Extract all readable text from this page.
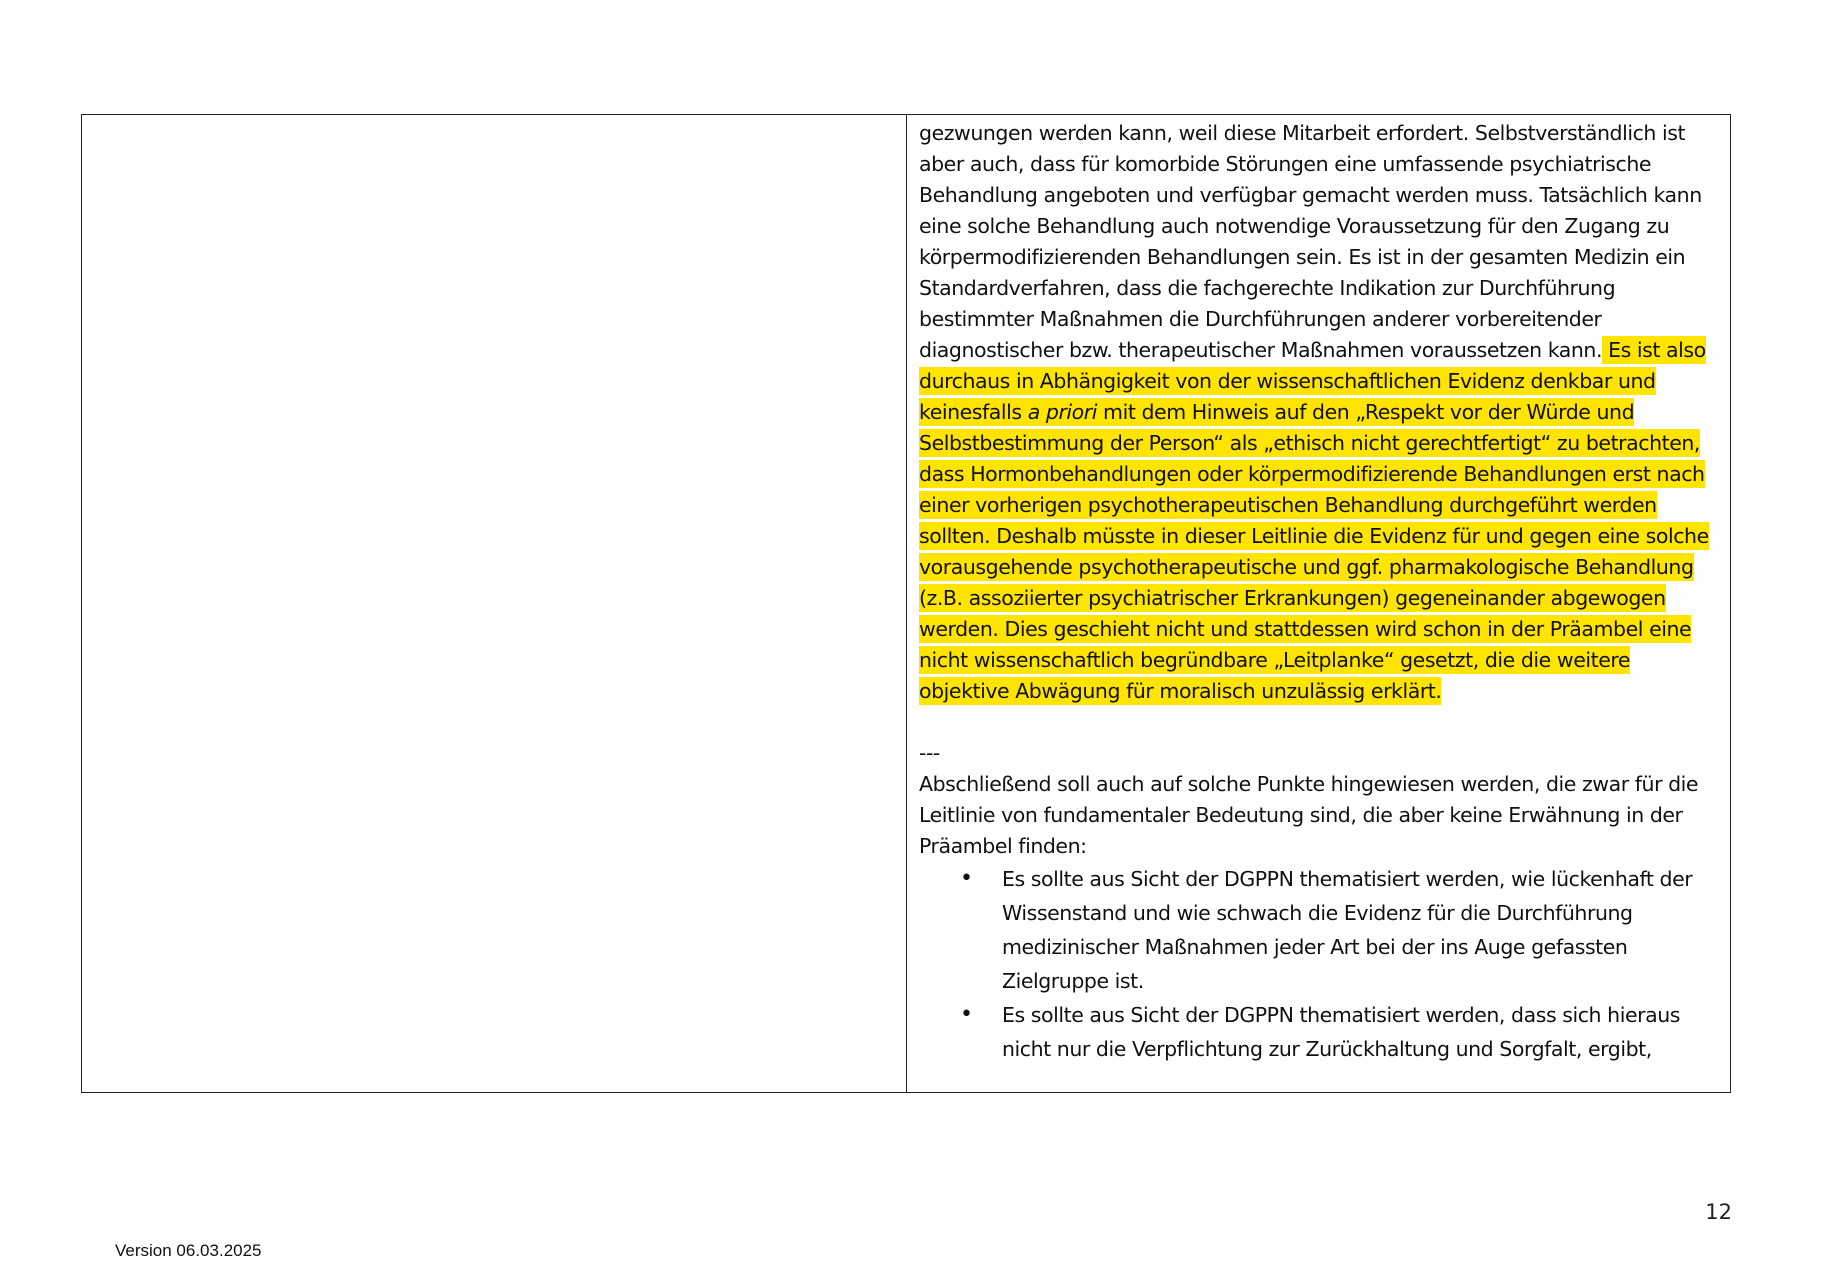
gezwungen werden kann, weil diese Mitarbeit erfordert. Selbstverständlich ist aber auch, dass für komorbide Störungen eine umfassende psychiatrische Behandlung angeboten und verfügbar gemacht werden muss. Tatsächlich kann eine solche Behandlung auch notwendige Voraussetzung für den Zugang zu körpermodifizierenden Behandlungen sein. Es ist in der gesamten Medizin ein Standardverfahren, dass die fachgerechte Indikation zur Durchführung bestimmter Maßnahmen die Durchführungen anderer vorbereitender diagnostischer bzw. therapeutischer Maßnahmen voraussetzen kann. Es ist also durchaus in Abhängigkeit von der wissenschaftlichen Evidenz denkbar und keinesfalls a priori mit dem Hinweis auf den „Respekt vor der Würde und Selbstbestimmung der Person“ als „ethisch nicht gerechtfertigt“ zu betrachten, dass Hormonbehandlungen oder körpermodifizierende Behandlungen erst nach einer vorherigen psychotherapeutischen Behandlung durchgeführt werden sollten. Deshalb müsste in dieser Leitlinie die Evidenz für und gegen eine solche vorausgehende psychotherapeutische und ggf. pharmakologische Behandlung (z.B. assoziierter psychiatrischer Erkrankungen) gegeneinander abgewogen werden. Dies geschieht nicht und stattdessen wird schon in der Präambel eine nicht wissenschaftlich begründbare „Leitplanke“ gesetzt, die die weitere objektive Abwägung für moralisch unzulässig erklärt.

---

Abschließend soll auch auf solche Punkte hingewiesen werden, die zwar für die Leitlinie von fundamentaler Bedeutung sind, die aber keine Erwähnung in der Präambel finden:

• Es sollte aus Sicht der DGPPN thematisiert werden, wie lückenhaft der Wissenstand und wie schwach die Evidenz für die Durchführung medizinischer Maßnahmen jeder Art bei der ins Auge gefassten Zielgruppe ist.
• Es sollte aus Sicht der DGPPN thematisiert werden, dass sich hieraus nicht nur die Verpflichtung zur Zurückhaltung und Sorgfalt, ergibt,
12
Version 06.03.2025
